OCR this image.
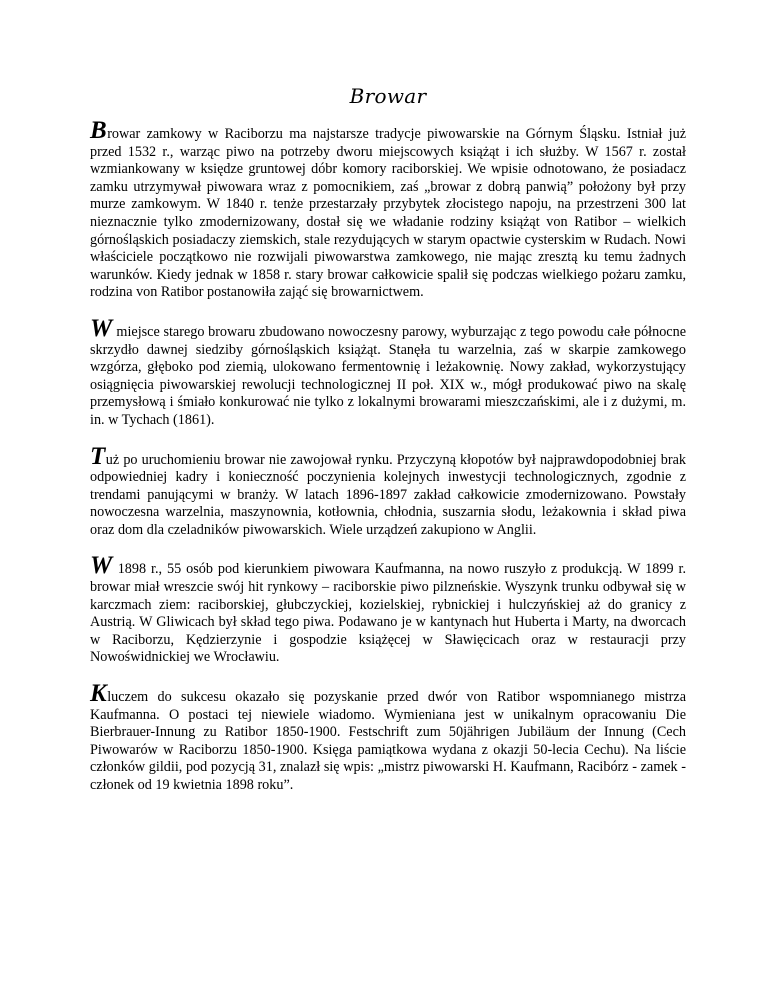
Browar

Browar zamkowy w Raciborzu ma najstarsze tradycje piwowarskie na Górnym Śląsku. Istniał już przed 1532 r., warząc piwo na potrzeby dworu miejscowych książąt i ich służby. W 1567 r. został wzmiankowany w księdze gruntowej dóbr komory raciborskiej. We wpisie odnotowano, że posiadacz zamku utrzymywał piwowara wraz z pomocnikiem, zaś „browar z dobrą panwią” położony był przy murze zamkowym. W 1840 r. tenże przestarzały przybytek złocistego napoju, na przestrzeni 300 lat nieznacznie tylko zmodernizowany, dostał się we władanie rodziny książąt von Ratibor – wielkich górnośląskich posiadaczy ziemskich, stale rezydujących w starym opactwie cysterskim w Rudach. Nowi właściciele początkowo nie rozwijali piwowarstwa zamkowego, nie mając zresztą ku temu żadnych warunków. Kiedy jednak w 1858 r. stary browar całkowicie spalił się podczas wielkiego pożaru zamku, rodzina von Ratibor postanowiła zająć się browarnictwem.

W miejsce starego browaru zbudowano nowoczesny parowy, wyburzając z tego powodu całe północne skrzydło dawnej siedziby górnośląskich książąt. Stanęła tu warzelnia, zaś w skarpie zamkowego wzgórza, głęboko pod ziemią, ulokowano fermentownię i leżakownię. Nowy zakład, wykorzystujący osiągnięcia piwowarskiej rewolucji technologicznej II poł. XIX w., mógł produkować piwo na skalę przemysłową i śmiało konkurować nie tylko z lokalnymi browarami mieszczańskimi, ale i z dużymi, m. in. w Tychach (1861).

Tuż po uruchomieniu browar nie zawojował rynku. Przyczyną kłopotów był najprawdopodobniej brak odpowiedniej kadry i konieczność poczynienia kolejnych inwestycji technologicznych, zgodnie z trendami panującymi w branży. W latach 1896-1897 zakład całkowicie zmodernizowano. Powstały nowoczesna warzelnia, maszynownia, kotłownia, chłodnia, suszarnia słodu, leżakownia i skład piwa oraz dom dla czeladników piwowarskich. Wiele urządzeń zakupiono w Anglii.

W 1898 r., 55 osób pod kierunkiem piwowara Kaufmanna, na nowo ruszyło z produkcją. W 1899 r. browar miał wreszcie swój hit rynkowy – raciborskie piwo pilzneńskie. Wyszynk trunku odbywał się w karczmach ziem: raciborskiej, głubczyckiej, kozielskiej, rybnickiej i hulczyńskiej aż do granicy z Austrią. W Gliwicach był skład tego piwa. Podawano je w kantynach hut Huberta i Marty, na dworcach w Raciborzu, Kędzierzynie i gospodzie książęcej w Sławięcicach oraz w restauracji przy Nowoświdnickiej we Wrocławiu.

Kluczem do sukcesu okazało się pozyskanie przed dwór von Ratibor wspomnianego mistrza Kaufmanna. O postaci tej niewiele wiadomo. Wymieniana jest w unikalnym opracowaniu Die Bierbrauer-Innung zu Ratibor 1850-1900. Festschrift zum 50jährigen Jubiläum der Innung (Cech Piwowarów w Raciborzu 1850-1900. Księga pamiątkowa wydana z okazji 50-lecia Cechu). Na liście członków gildii, pod pozycją 31, znalazł się wpis: „mistrz piwowarski H. Kaufmann, Racibórz - zamek - członek od 19 kwietnia 1898 roku”.
